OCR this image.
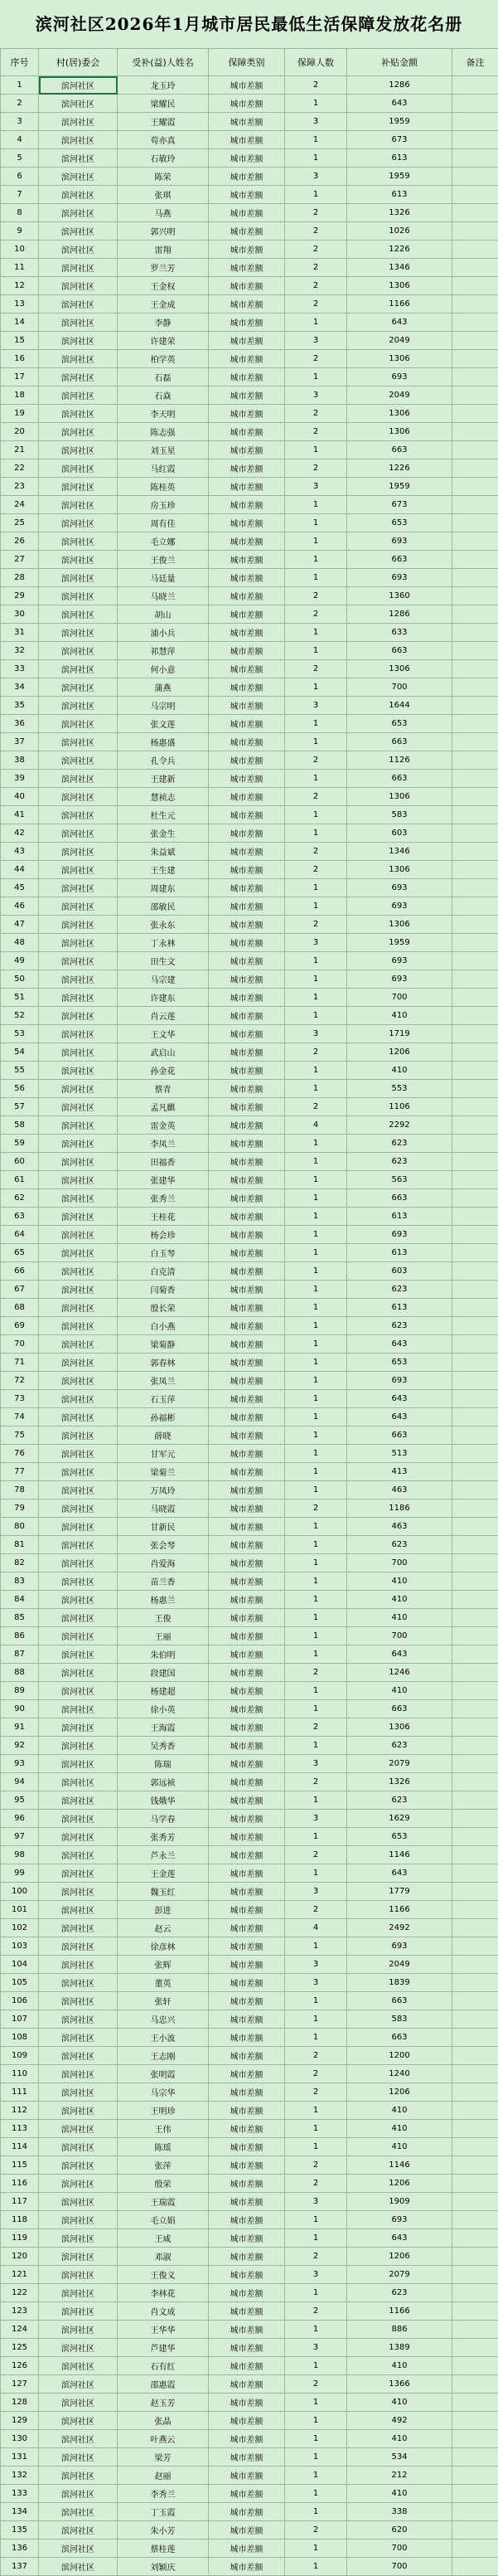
滨河社区2026年1月城市居民最低生活保障发放花名册
序号	村(居)委会	受补(益)人姓名	保障类别	保障人数	补贴金额	备注
1	滨河社区	龙玉玲	城市差额	2	1286	
2	滨河社区	梁耀民	城市差额	1	643	
3	滨河社区	王耀霞	城市差额	3	1959	
4	滨河社区	苟亦真	城市差额	1	673	
5	滨河社区	石敏玲	城市差额	1	613	
6	滨河社区	陈荣	城市差额	3	1959	
7	滨河社区	张琪	城市差额	1	613	
8	滨河社区	马燕	城市差额	2	1326	
9	滨河社区	郭兴明	城市差额	2	1026	
10	滨河社区	雷翔	城市差额	2	1226	
11	滨河社区	罗兰芳	城市差额	2	1346	
12	滨河社区	王金权	城市差额	2	1306	
13	滨河社区	王金成	城市差额	2	1166	
14	滨河社区	李静	城市差额	1	643	
15	滨河社区	许建荣	城市差额	3	2049	
16	滨河社区	柏学英	城市差额	2	1306	
17	滨河社区	石磊	城市差额	1	693	
18	滨河社区	石焱	城市差额	3	2049	
19	滨河社区	李天明	城市差额	2	1306	
20	滨河社区	陈志强	城市差额	2	1306	
21	滨河社区	刘玉星	城市差额	1	663	
22	滨河社区	马红霞	城市差额	2	1226	
23	滨河社区	陈桂英	城市差额	3	1959	
24	滨河社区	房玉珍	城市差额	1	673	
25	滨河社区	周有佳	城市差额	1	653	
26	滨河社区	毛立娜	城市差额	1	693	
27	滨河社区	王俊兰	城市差额	1	663	
28	滨河社区	马廷量	城市差额	1	693	
29	滨河社区	马晓兰	城市差额	2	1360	
30	滨河社区	胡山	城市差额	2	1286	
31	滨河社区	浦小兵	城市差额	1	633	
32	滨河社区	祁慧萍	城市差额	1	663	
33	滨河社区	何小意	城市差额	2	1306	
34	滨河社区	蒲燕	城市差额	1	700	
35	滨河社区	马宗明	城市差额	3	1644	
36	滨河社区	张文莲	城市差额	1	653	
37	滨河社区	杨惠盛	城市差额	1	663	
38	滨河社区	孔令兵	城市差额	2	1126	
39	滨河社区	王建新	城市差额	1	663	
40	滨河社区	慧祯志	城市差额	2	1306	
41	滨河社区	杜生元	城市差额	1	583	
42	滨河社区	张金生	城市差额	1	603	
43	滨河社区	朱益斌	城市差额	2	1346	
44	滨河社区	王生建	城市差额	2	1306	
45	滨河社区	周建东	城市差额	1	693	
46	滨河社区	邵敏民	城市差额	1	693	
47	滨河社区	张永东	城市差额	2	1306	
48	滨河社区	丁永林	城市差额	3	1959	
49	滨河社区	田生文	城市差额	1	693	
50	滨河社区	马宗建	城市差额	1	693	
51	滨河社区	许建东	城市差额	1	700	
52	滨河社区	肖云莲	城市差额	1	410	
53	滨河社区	王文华	城市差额	3	1719	
54	滨河社区	武启山	城市差额	2	1206	
55	滨河社区	孙金花	城市差额	1	410	
56	滨河社区	蔡青	城市差额	1	553	
57	滨河社区	孟凡麒	城市差额	2	1106	
58	滨河社区	雷金英	城市差额	4	2292	
59	滨河社区	李凤兰	城市差额	1	623	
60	滨河社区	田福香	城市差额	1	623	
61	滨河社区	张建华	城市差额	1	563	
62	滨河社区	张秀兰	城市差额	1	663	
63	滨河社区	王桂花	城市差额	1	613	
64	滨河社区	杨会珍	城市差额	1	693	
65	滨河社区	白玉琴	城市差额	1	613	
66	滨河社区	白克清	城市差额	1	603	
67	滨河社区	闫菊香	城市差额	1	623	
68	滨河社区	殷长荣	城市差额	1	613	
69	滨河社区	白小燕	城市差额	1	623	
70	滨河社区	梁菊静	城市差额	1	643	
71	滨河社区	郭春林	城市差额	1	653	
72	滨河社区	张凤兰	城市差额	1	693	
73	滨河社区	石玉萍	城市差额	1	643	
74	滨河社区	孙福彬	城市差额	1	643	
75	滨河社区	薛晓	城市差额	1	663	
76	滨河社区	甘军元	城市差额	1	513	
77	滨河社区	梁菊兰	城市差额	1	413	
78	滨河社区	万凤玲	城市差额	1	463	
79	滨河社区	马晓霞	城市差额	2	1186	
80	滨河社区	甘新民	城市差额	1	463	
81	滨河社区	张会琴	城市差额	1	623	
82	滨河社区	肖爱海	城市差额	1	700	
83	滨河社区	苗兰香	城市差额	1	410	
84	滨河社区	杨惠兰	城市差额	1	410	
85	滨河社区	王俊	城市差额	1	410	
86	滨河社区	王丽	城市差额	1	700	
87	滨河社区	朱伯明	城市差额	1	643	
88	滨河社区	段建国	城市差额	2	1246	
89	滨河社区	杨建超	城市差额	1	410	
90	滨河社区	徐小英	城市差额	1	663	
91	滨河社区	王海霞	城市差额	2	1306	
92	滨河社区	吴秀香	城市差额	1	623	
93	滨河社区	陈瑞	城市差额	3	2079	
94	滨河社区	郭远祯	城市差额	2	1326	
95	滨河社区	钱娥华	城市差额	1	623	
96	滨河社区	马学春	城市差额	3	1629	
97	滨河社区	张秀芳	城市差额	1	653	
98	滨河社区	芦永兰	城市差额	2	1146	
99	滨河社区	王金莲	城市差额	1	643	
100	滨河社区	魏玉红	城市差额	3	1779	
101	滨河社区	彭进	城市差额	2	1166	
102	滨河社区	赵云	城市差额	4	2492	
103	滨河社区	徐彦林	城市差额	1	693	
104	滨河社区	张辉	城市差额	3	2049	
105	滨河社区	董英	城市差额	3	1839	
106	滨河社区	张轩	城市差额	1	663	
107	滨河社区	马忠兴	城市差额	1	583	
108	滨河社区	王小波	城市差额	1	663	
109	滨河社区	王志刚	城市差额	2	1200	
110	滨河社区	张明霞	城市差额	2	1240	
111	滨河社区	马宗华	城市差额	2	1206	
112	滨河社区	王明珍	城市差额	1	410	
113	滨河社区	王伟	城市差额	1	410	
114	滨河社区	陈瑶	城市差额	1	410	
115	滨河社区	张萍	城市差额	2	1146	
116	滨河社区	殷荣	城市差额	2	1206	
117	滨河社区	王瑞霞	城市差额	3	1909	
118	滨河社区	毛立娟	城市差额	1	693	
119	滨河社区	王咸	城市差额	1	643	
120	滨河社区	邓淑	城市差额	2	1206	
121	滨河社区	王俊义	城市差额	3	2079	
122	滨河社区	李林花	城市差额	1	623	
123	滨河社区	肖文成	城市差额	2	1166	
124	滨河社区	王华华	城市差额	1	886	
125	滨河社区	芦建华	城市差额	3	1389	
126	滨河社区	石有红	城市差额	1	410	
127	滨河社区	邵惠霞	城市差额	2	1366	
128	滨河社区	赵玉芳	城市差额	1	410	
129	滨河社区	张晶	城市差额	1	492	
130	滨河社区	叶燕云	城市差额	1	410	
131	滨河社区	梁芳	城市差额	1	534	
132	滨河社区	赵丽	城市差额	1	212	
133	滨河社区	李秀兰	城市差额	1	410	
134	滨河社区	丁玉霞	城市差额	1	338	
135	滨河社区	朱小芳	城市差额	2	620	
136	滨河社区	蔡桂莲	城市差额	1	700	
137	滨河社区	刘颖庆	城市差额	1	700	
